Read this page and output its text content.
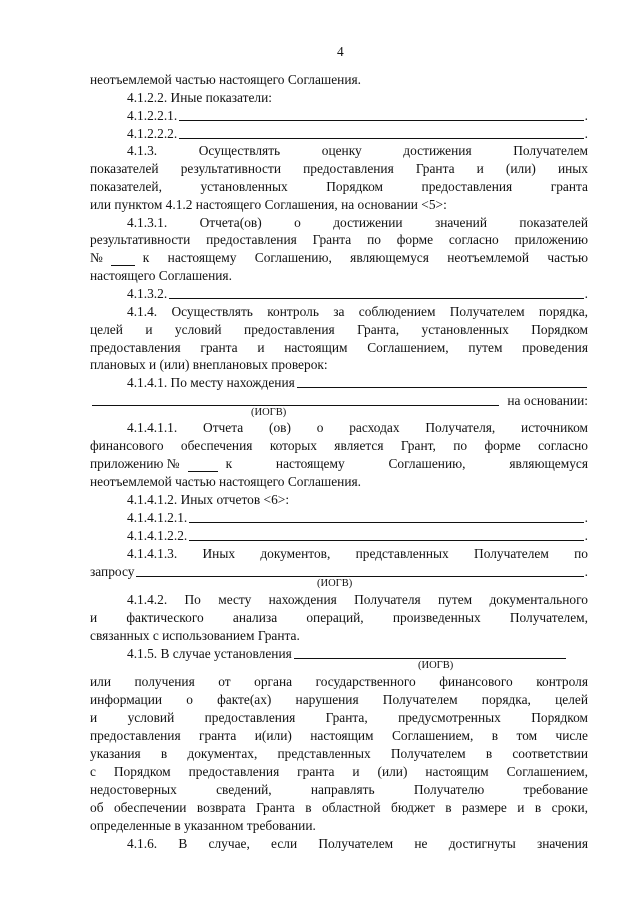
4
неотъемлемой частью настоящего Соглашения.
4.1.2.2. Иные показатели:
4.1.2.2.1.	.
4.1.2.2.2.	.
4.1.3. Осуществлять оценку достижения Получателем
показателей результативности предоставления Гранта и (или) иных
показателей, установленных Порядком предоставления гранта
или пунктом 4.1.2 настоящего Соглашения, на основании <5>:
4.1.3.1. Отчета(ов) о достижении значений показателей
результативности предоставления Гранта по форме согласно приложению
№	к настоящему Соглашению, являющемуся неотъемлемой частью
настоящего Соглашения.
4.1.3.2.	.
4.1.4. Осуществлять контроль за соблюдением Получателем порядка,
целей и условий предоставления Гранта, установленных Порядком
предоставления гранта и настоящим Соглашением, путем проведения
плановых и (или) внеплановых проверок:
4.1.4.1. По месту нахождения
на основании:
(ИОГВ)
4.1.4.1.1. Отчета (ов) о расходах Получателя, источником
финансового обеспечения которых является Грант, по форме согласно
приложению №	к настоящему Соглашению, являющемуся
неотъемлемой частью настоящего Соглашения.
4.1.4.1.2. Иных отчетов <6>:
4.1.4.1.2.1.	.
4.1.4.1.2.2.	.
4.1.4.1.3. Иных документов, представленных Получателем по
запросу	.
(ИОГВ)
4.1.4.2. По месту нахождения Получателя путем документального
и фактического анализа операций, произведенных Получателем,
связанных с использованием Гранта.
4.1.5. В случае установления
(ИОГВ)
или получения от органа государственного финансового контроля
информации о факте(ах) нарушения Получателем порядка, целей
и условий предоставления Гранта, предусмотренных Порядком
предоставления гранта и(или) настоящим Соглашением, в том числе
указания в документах, представленных Получателем в соответствии
с Порядком предоставления гранта и (или) настоящим Соглашением,
недостоверных сведений, направлять Получателю требование
об обеспечении возврата Гранта в областной бюджет в размере и в сроки,
определенные в указанном требовании.
4.1.6. В случае, если Получателем не достигнуты значения
